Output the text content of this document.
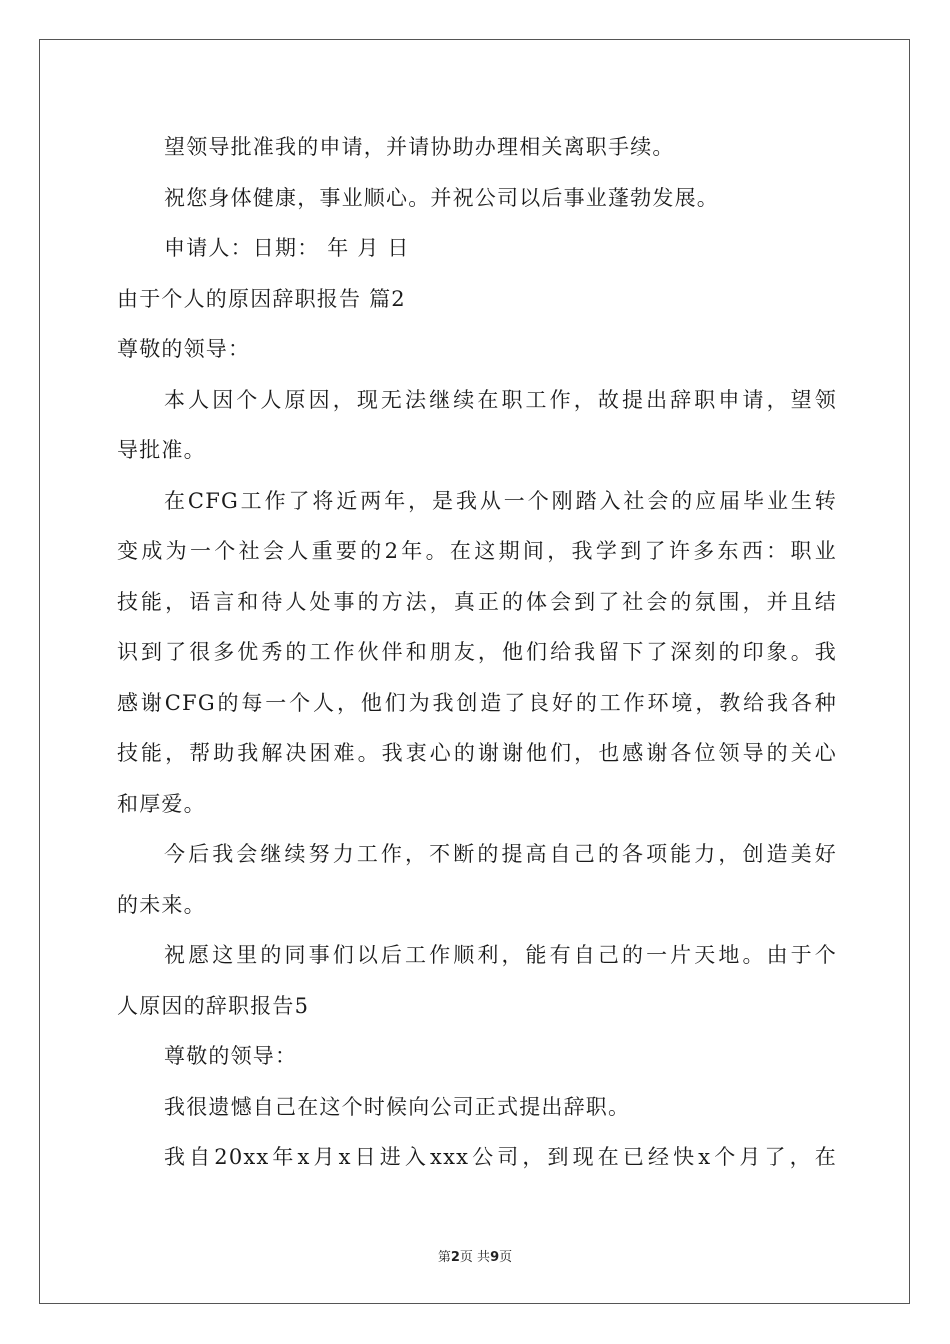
望领导批准我的申请，并请协助办理相关离职手续。
祝您身体健康，事业顺心。并祝公司以后事业蓬勃发展。
申请人：日期： 年 月 日
由于个人的原因辞职报告 篇2
尊敬的领导：
本人因个人原因，现无法继续在职工作，故提出辞职申请，望领
导批准。
在CFG工作了将近两年，是我从一个刚踏入社会的应届毕业生转
变成为一个社会人重要的2年。在这期间，我学到了许多东西：职业
技能，语言和待人处事的方法，真正的体会到了社会的氛围，并且结
识到了很多优秀的工作伙伴和朋友，他们给我留下了深刻的印象。我
感谢CFG的每一个人，他们为我创造了良好的工作环境，教给我各种
技能，帮助我解决困难。我衷心的谢谢他们，也感谢各位领导的关心
和厚爱。
今后我会继续努力工作，不断的提高自己的各项能力，创造美好
的未来。
祝愿这里的同事们以后工作顺利，能有自己的一片天地。由于个
人原因的辞职报告5
尊敬的领导：
我很遗憾自己在这个时候向公司正式提出辞职。
我自20xx年x月x日进入xxx公司，到现在已经快x个月了，在
第2页 共9页
